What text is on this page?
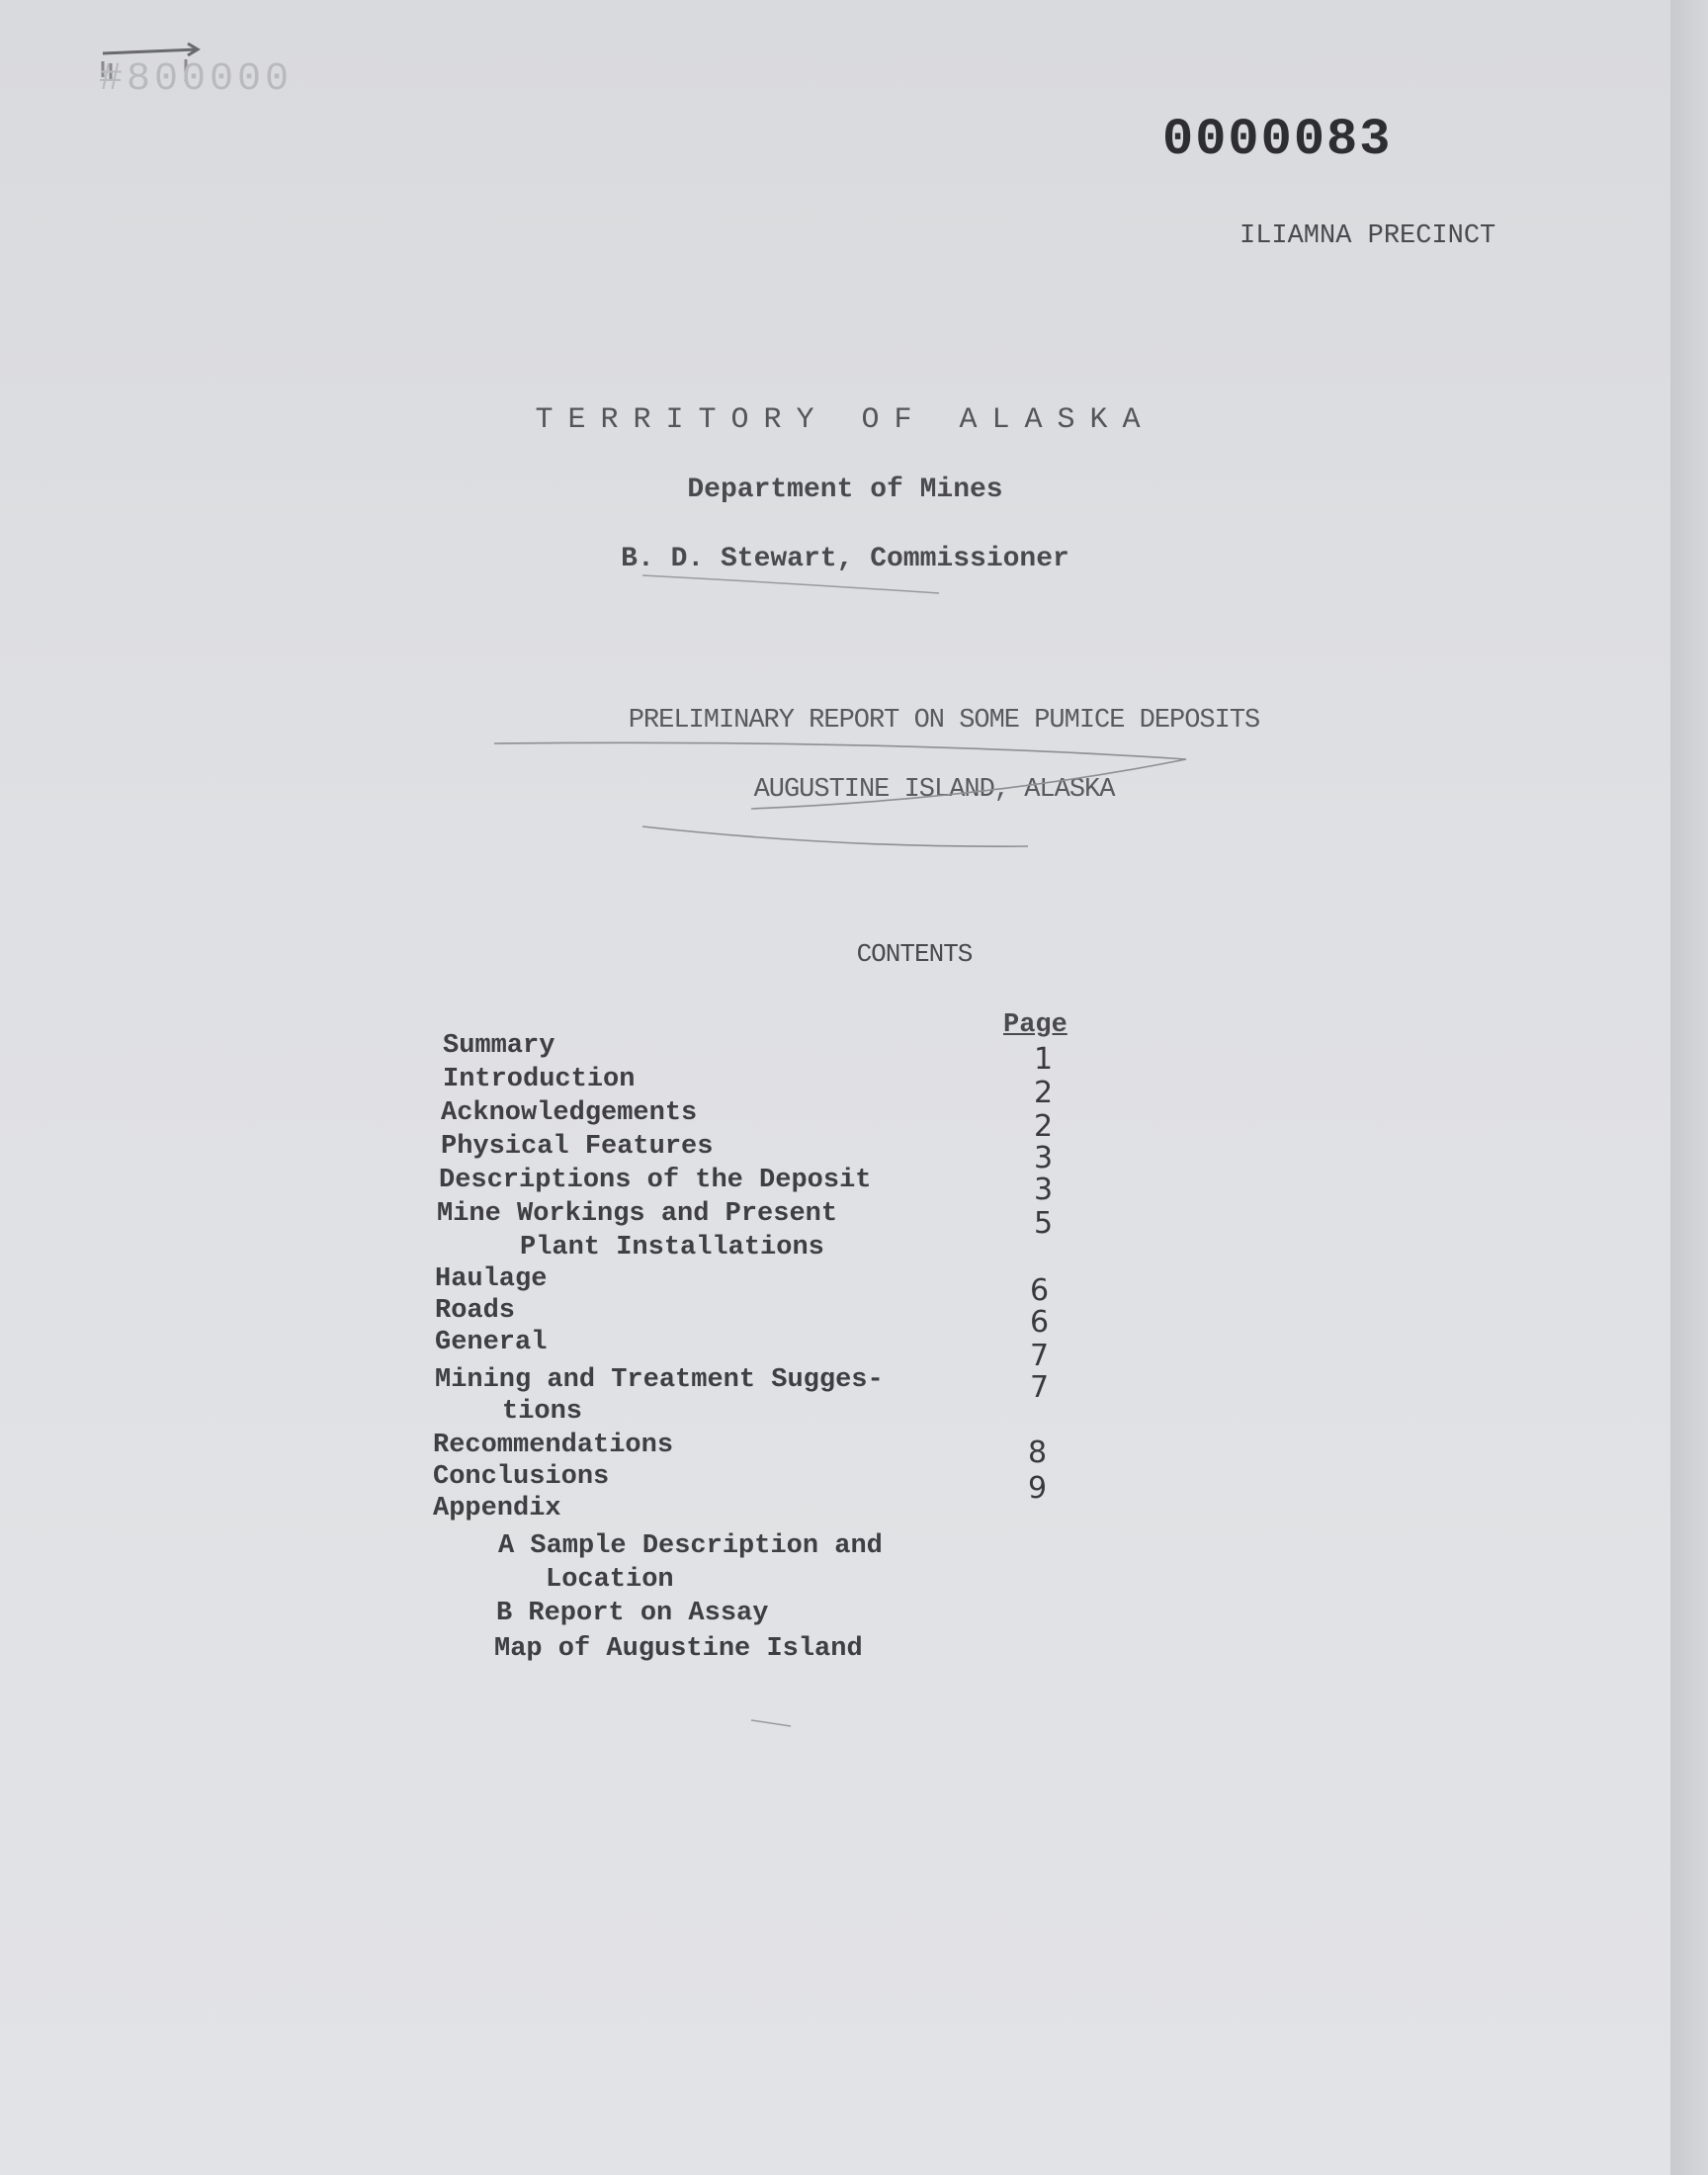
#800000
0000083
ILIAMNA PRECINCT
TERRITORY OF ALASKA
Department of Mines
B. D. Stewart, Commissioner
PRELIMINARY REPORT ON SOME PUMICE DEPOSITS
AUGUSTINE ISLAND, ALASKA
CONTENTS
Page
Summary
Introduction
Acknowledgements
Physical Features
Descriptions of the Deposit
Mine Workings and Present
Plant Installations
Haulage
Roads
General
Mining and Treatment Sugges-
tions
Recommendations
Conclusions
Appendix
A Sample Description and
Location
B Report on Assay
Map of Augustine Island
1
2
2
3
3
5
6
6
7
7
8
9
